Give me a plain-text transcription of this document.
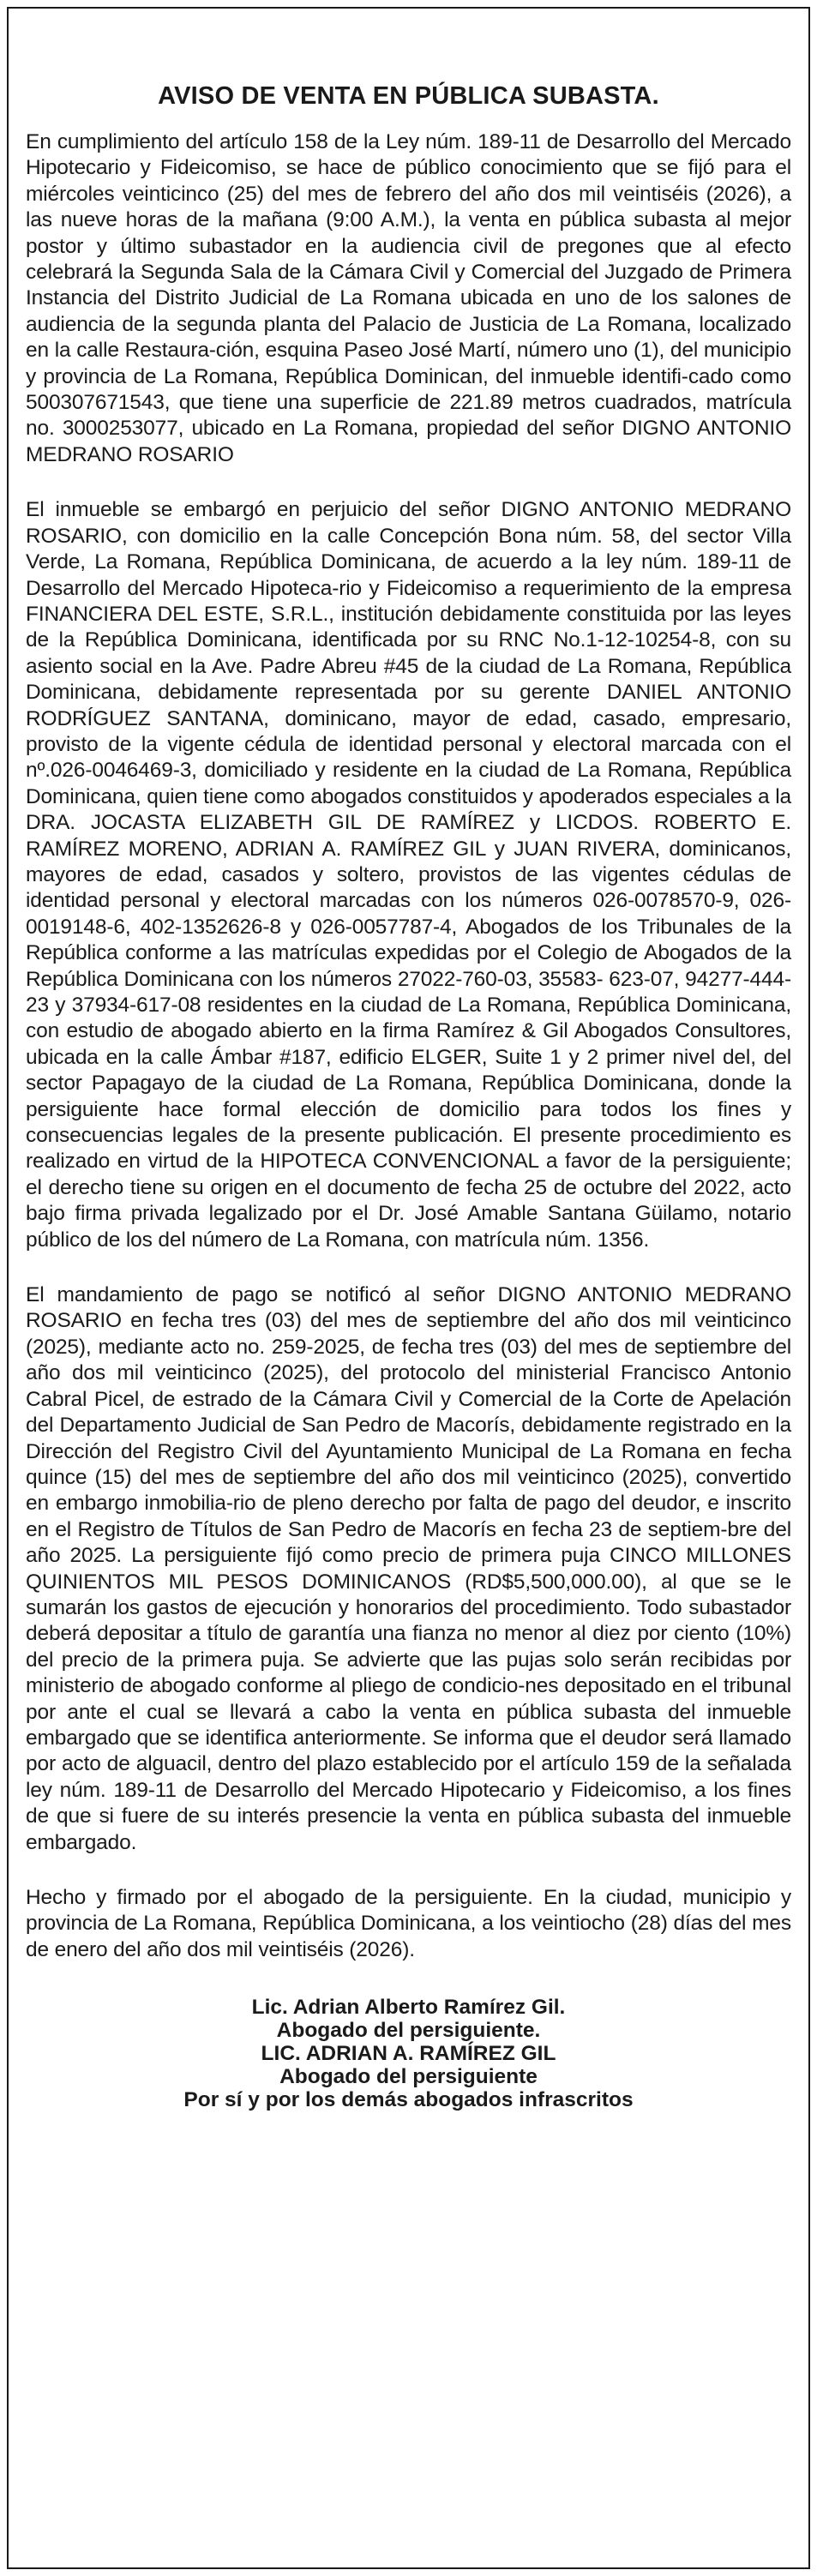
AVISO DE VENTA EN PÚBLICA SUBASTA.

En cumplimiento del artículo 158 de la Ley núm. 189-11 de Desarrollo del Mercado Hipotecario y Fideicomiso, se hace de público conocimiento que se fijó para el miércoles veinticinco (25) del mes de febrero del año dos mil veintiséis (2026), a las nueve horas de la mañana (9:00 A.M.), la venta en pública subasta al mejor postor y último subastador en la audiencia civil de pregones que al efecto celebrará la Segunda Sala de la Cámara Civil y Comercial del Juzgado de Primera Instancia del Distrito Judicial de La Romana ubicada en uno de los salones de audiencia de la segunda planta del Palacio de Justicia de La Romana, localizado en la calle Restaura-ción, esquina Paseo José Martí, número uno (1), del municipio y provincia de La Romana, República Dominican, del inmueble identifi-cado como 500307671543, que tiene una superficie de 221.89 metros cuadrados, matrícula no. 3000253077, ubicado en La Romana, propiedad del señor DIGNO ANTONIO MEDRANO ROSARIO

El inmueble se embargó en perjuicio del señor DIGNO ANTONIO MEDRANO ROSARIO, con domicilio en la calle Concepción Bona núm. 58, del sector Villa Verde, La Romana, República Dominicana, de acuerdo a la ley núm. 189-11 de Desarrollo del Mercado Hipoteca-rio y Fideicomiso a requerimiento de la empresa FINANCIERA DEL ESTE, S.R.L., institución debidamente constituida por las leyes de la República Dominicana, identificada por su RNC No.1-12-10254-8, con su asiento social en la Ave. Padre Abreu #45 de la ciudad de La Romana, República Dominicana, debidamente representada por su gerente DANIEL ANTONIO RODRÍGUEZ SANTANA, dominicano, mayor de edad, casado, empresario, provisto de la vigente cédula de identidad personal y electoral marcada con el nº.026-0046469-3, domiciliado y residente en la ciudad de La Romana, República Dominicana, quien tiene como abogados constituidos y apoderados especiales a la DRA. JOCASTA ELIZABETH GIL DE RAMÍREZ y LICDOS. ROBERTO E. RAMÍREZ MORENO, ADRIAN A. RAMÍREZ GIL y JUAN RIVERA, dominicanos, mayores de edad, casados y soltero, provistos de las vigentes cédulas de identidad personal y electoral marcadas con los números 026-0078570-9, 026-0019148-6, 402-1352626-8 y 026-0057787-4, Abogados de los Tribunales de la República conforme a las matrículas expedidas por el Colegio de Abogados de la República Dominicana con los números 27022-760-03, 35583- 623-07, 94277-444-23 y 37934-617-08 residentes en la ciudad de La Romana, República Dominicana, con estudio de abogado abierto en la firma Ramírez & Gil Abogados Consultores, ubicada en la calle Ámbar #187, edificio ELGER, Suite 1 y 2 primer nivel del, del sector Papagayo de la ciudad de La Romana, República Dominicana, donde la persiguiente hace formal elección de domicilio para todos los fines y consecuencias legales de la presente publicación. El presente procedimiento es realizado en virtud de la HIPOTECA CONVENCIONAL a favor de la persiguiente; el derecho tiene su origen en el documento de fecha 25 de octubre del 2022, acto bajo firma privada legalizado por el Dr. José Amable Santana Güilamo, notario público de los del número de La Romana, con matrícula núm. 1356.

El mandamiento de pago se notificó al señor DIGNO ANTONIO MEDRANO ROSARIO en fecha tres (03) del mes de septiembre del año dos mil veinticinco (2025), mediante acto no. 259-2025, de fecha tres (03) del mes de septiembre del año dos mil veinticinco (2025), del protocolo del ministerial Francisco Antonio Cabral Picel, de estrado de la Cámara Civil y Comercial de la Corte de Apelación del Departamento Judicial de San Pedro de Macorís, debidamente registrado en la Dirección del Registro Civil del Ayuntamiento Municipal de La Romana en fecha quince (15) del mes de septiembre del año dos mil veinticinco (2025), convertido en embargo inmobilia-rio de pleno derecho por falta de pago del deudor, e inscrito en el Registro de Títulos de San Pedro de Macorís en fecha 23 de septiem-bre del año 2025. La persiguiente fijó como precio de primera puja CINCO MILLONES QUINIENTOS MIL PESOS DOMINICANOS (RD$5,500,000.00), al que se le sumarán los gastos de ejecución y honorarios del procedimiento. Todo subastador deberá depositar a título de garantía una fianza no menor al diez por ciento (10%) del precio de la primera puja. Se advierte que las pujas solo serán recibidas por ministerio de abogado conforme al pliego de condicio-nes depositado en el tribunal por ante el cual se llevará a cabo la venta en pública subasta del inmueble embargado que se identifica anteriormente. Se informa que el deudor será llamado por acto de alguacil, dentro del plazo establecido por el artículo 159 de la señalada ley núm. 189-11 de Desarrollo del Mercado Hipotecario y Fideicomiso, a los fines de que si fuere de su interés presencie la venta en pública subasta del inmueble embargado.

Hecho y firmado por el abogado de la persiguiente. En la ciudad, municipio y provincia de La Romana, República Dominicana, a los veintiocho (28) días del mes de enero del año dos mil veintiséis (2026).

Lic. Adrian Alberto Ramírez Gil.
Abogado del persiguiente.
LIC. ADRIAN A. RAMÍREZ GIL
Abogado del persiguiente
Por sí y por los demás abogados infrascritos
